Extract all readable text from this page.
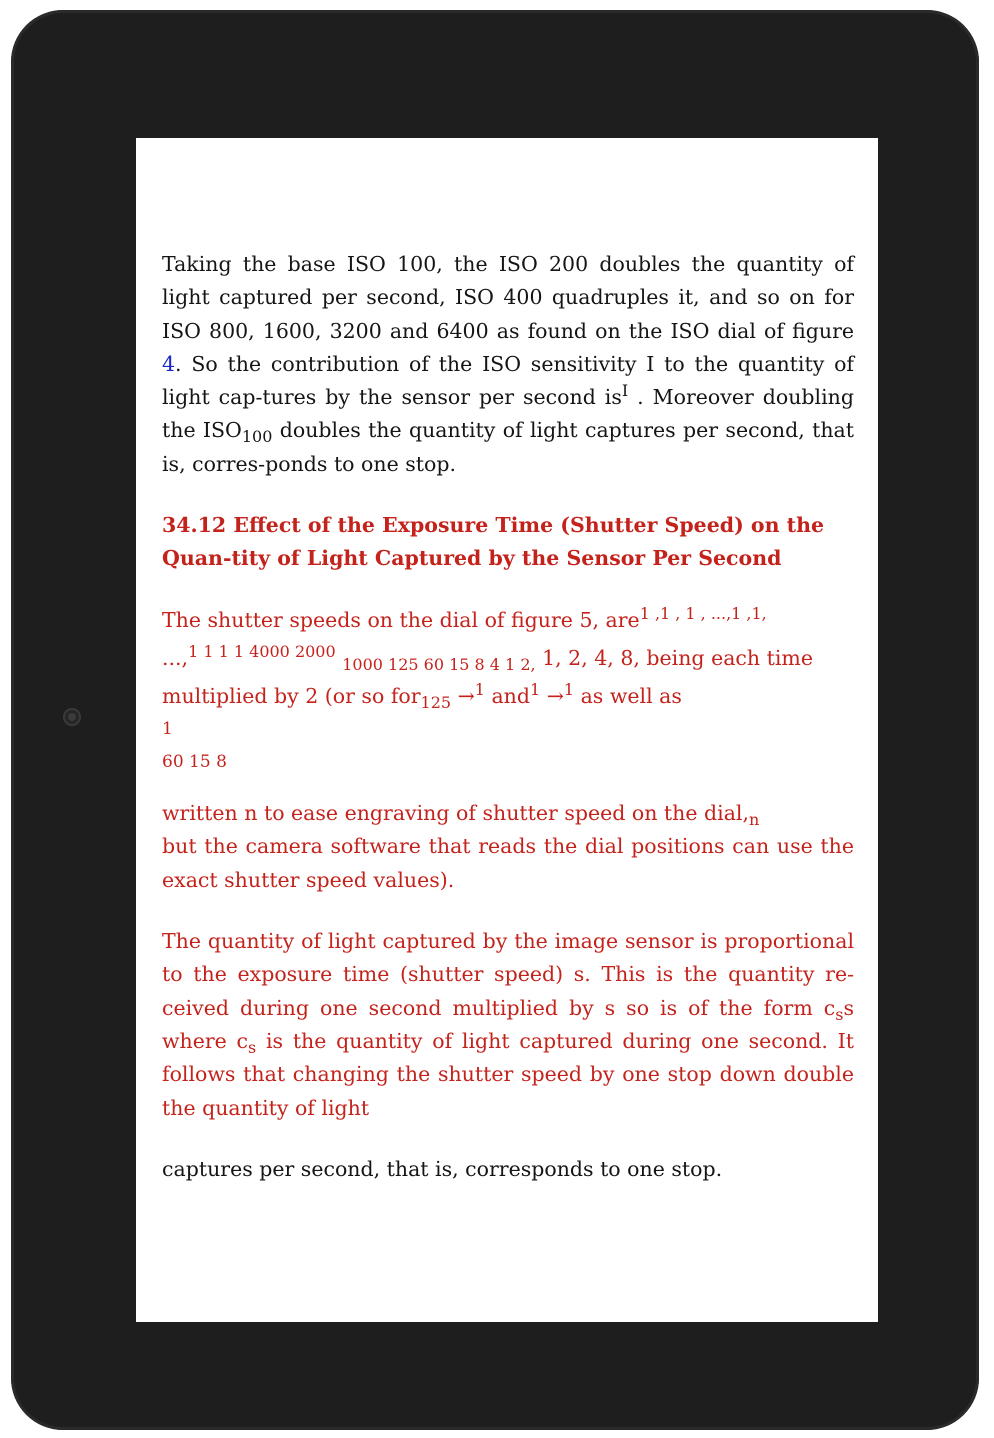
Taking the base ISO 100, the ISO 200 doubles the quantity of light captured per second, ISO 400 quadruples it, and so on for ISO 800, 1600, 3200 and 6400 as found on the ISO dial of figure 4. So the contribution of the ISO sensitivity I to the quantity of light cap-tures by the sensor per second $is^I$ . Moreover doubling the $ISO_{100}$ doubles the quantity of light captures per second, that is, corres-ponds to one stop.

34.12 Effect of the Exposure Time (Shutter Speed) on the Quan-tity of Light Captured by the Sensor Per Second

The shutter speeds on the dial of figure 5, are$^{1 ,1 , 1 , ...,1 ,1,}$
...,$^{1 1 1 1 4000 2000}$ $_{1000 125 60 15 8 4 1 2,}$ 1, 2, 4, 8, being each time
multiplied by 2 (or so for$_{125}$ →$^1$ and$^1$ →$^1$ as well as

1

60 15 8

written n to ease engraving of shutter speed on the $dial,_n$
but the camera software that reads the dial positions can use the exact shutter speed values).

The quantity of light captured by the image sensor is proportional to the exposure time (shutter speed) s. This is the quantity re-ceived during one second multiplied by s so is of the form $c_ss$ where $c_s$ is the quantity of light captured during one second. It follows that changing the shutter speed by one stop down double the quantity of light

captures per second, that is, corresponds to one stop.
